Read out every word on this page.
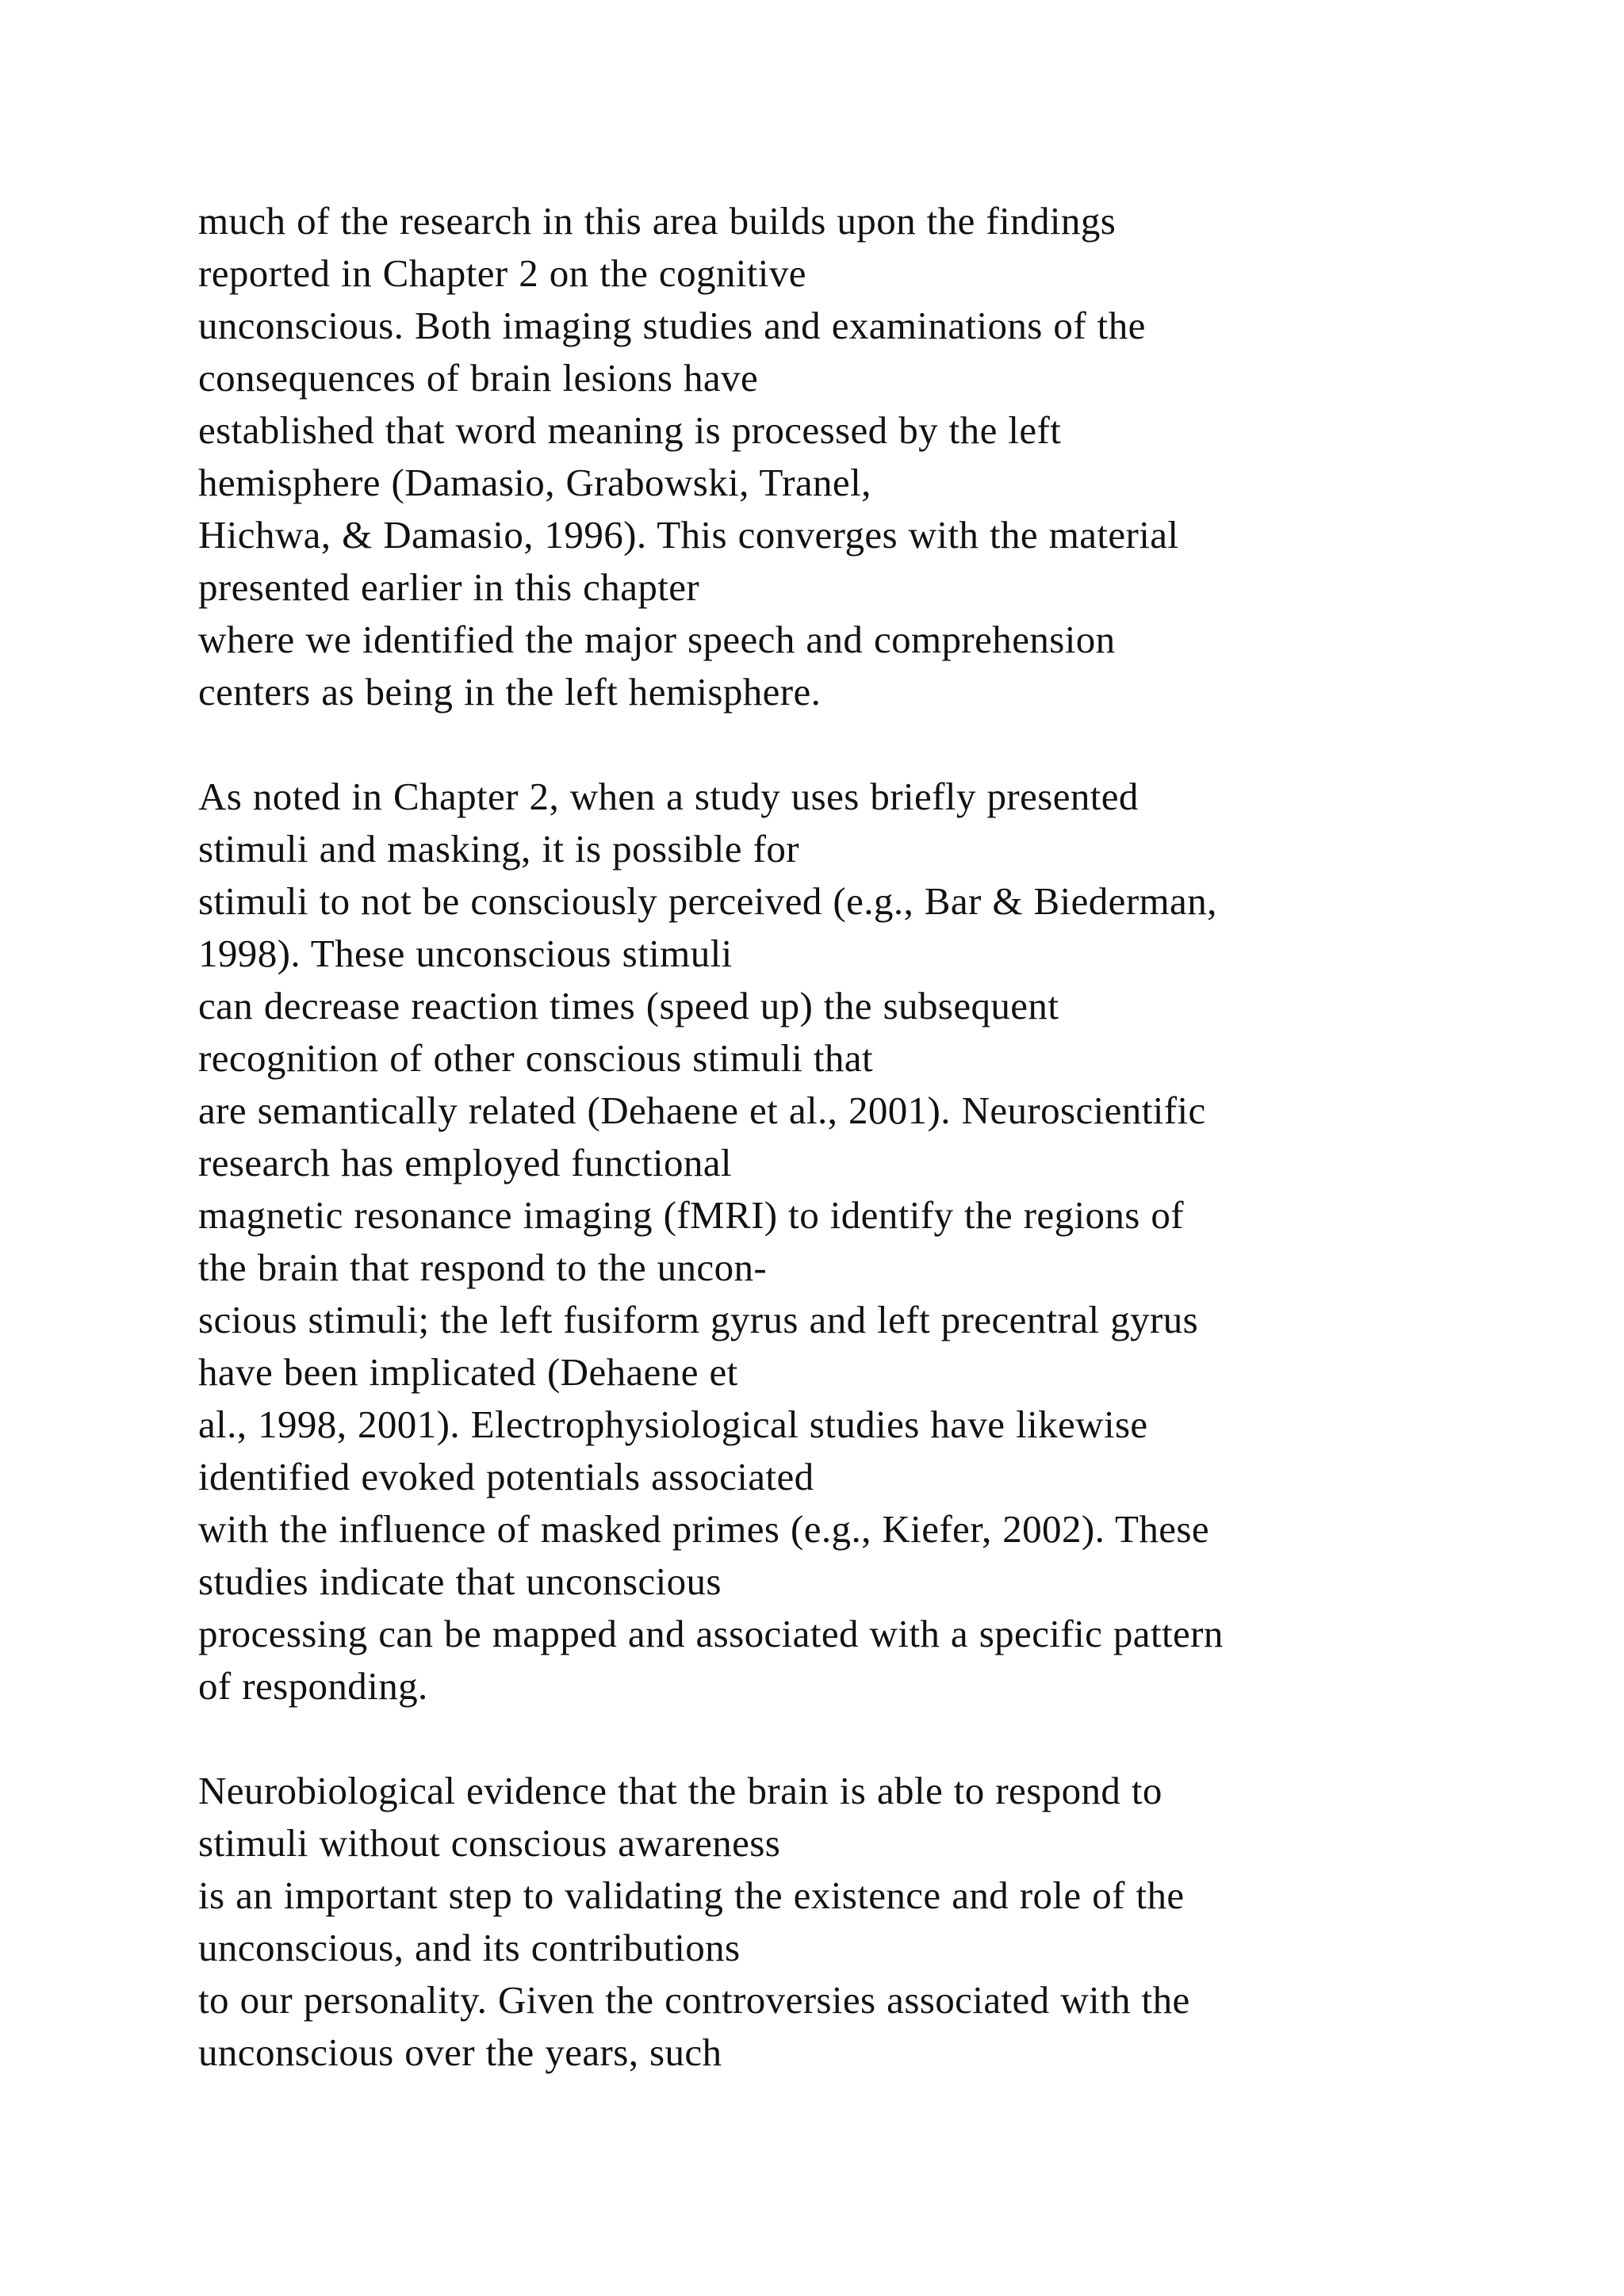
much of the research in this area builds upon the findings
reported in Chapter 2 on the cognitive
unconscious. Both imaging studies and examinations of the
consequences of brain lesions have
established that word meaning is processed by the left
hemisphere (Damasio, Grabowski, Tranel,
Hichwa, & Damasio, 1996). This converges with the material
presented earlier in this chapter
where we identified the major speech and comprehension
centers as being in the left hemisphere.

As noted in Chapter 2, when a study uses briefly presented
stimuli and masking, it is possible for
stimuli to not be consciously perceived (e.g., Bar & Biederman,
1998). These unconscious stimuli
can decrease reaction times (speed up) the subsequent
recognition of other conscious stimuli that
are semantically related (Dehaene et al., 2001). Neuroscientific
research has employed functional
magnetic resonance imaging (fMRI) to identify the regions of
the brain that respond to the uncon-
scious stimuli; the left fusiform gyrus and left precentral gyrus
have been implicated (Dehaene et
al., 1998, 2001). Electrophysiological studies have likewise
identified evoked potentials associated
with the influence of masked primes (e.g., Kiefer, 2002). These
studies indicate that unconscious
processing can be mapped and associated with a specific pattern
of responding.

Neurobiological evidence that the brain is able to respond to
stimuli without conscious awareness
is an important step to validating the existence and role of the
unconscious, and its contributions
to our personality. Given the controversies associated with the
unconscious over the years, such
